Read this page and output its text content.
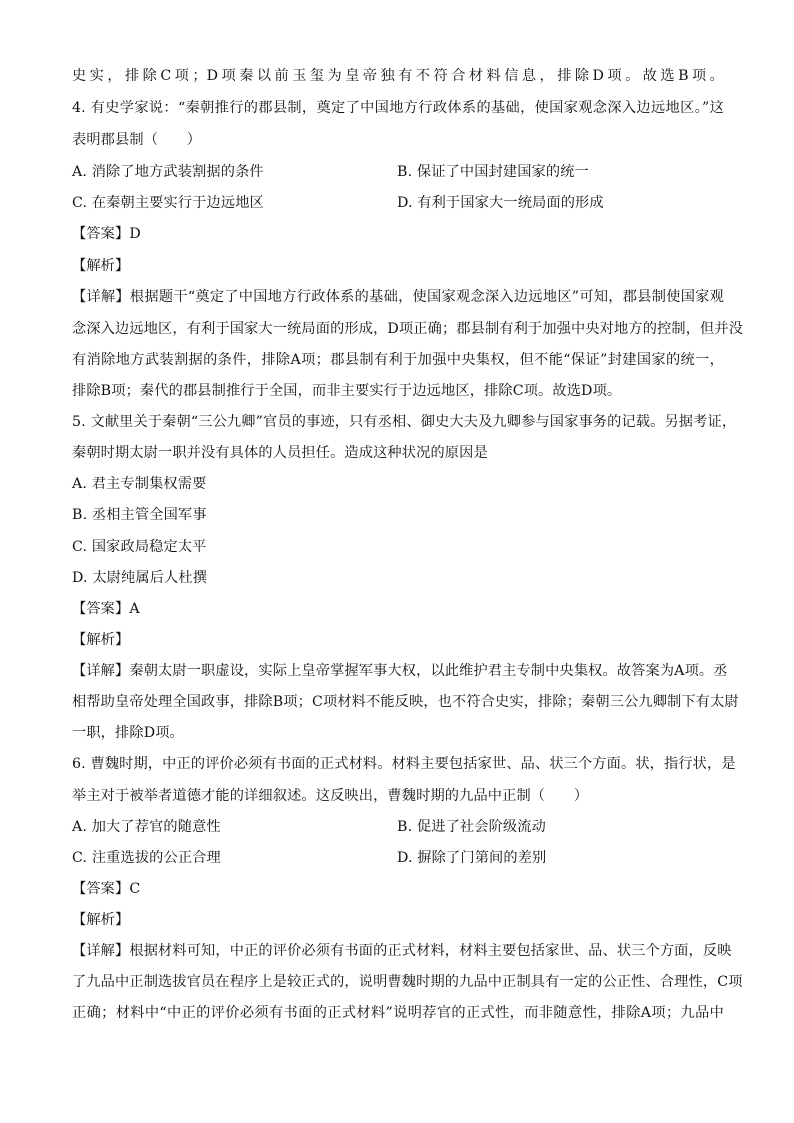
史实，排除C项；D项秦以前玉玺为皇帝独有不符合材料信息，排除D项。故选B项。
4. 有史学家说：“秦朝推行的郡县制，奠定了中国地方行政体系的基础，使国家观念深入边远地区。”这
表明郡县制（　　）
A. 消除了地方武装割据的条件	B. 保证了中国封建国家的统一
C. 在秦朝主要实行于边远地区	D. 有利于国家大一统局面的形成
【答案】D
【解析】
【详解】根据题干“奠定了中国地方行政体系的基础，使国家观念深入边远地区”可知，郡县制使国家观
念深入边远地区，有利于国家大一统局面的形成，D项正确；郡县制有利于加强中央对地方的控制，但并没
有消除地方武装割据的条件，排除A项；郡县制有利于加强中央集权，但不能“保证”封建国家的统一，
排除B项；秦代的郡县制推行于全国，而非主要实行于边远地区，排除C项。故选D项。
5. 文献里关于秦朝“三公九卿”官员的事迹，只有丞相、御史大夫及九卿参与国家事务的记载。另据考证，
秦朝时期太尉一职并没有具体的人员担任。造成这种状况的原因是
A. 君主专制集权需要
B. 丞相主管全国军事
C. 国家政局稳定太平
D. 太尉纯属后人杜撰
【答案】A
【解析】
【详解】秦朝太尉一职虚设，实际上皇帝掌握军事大权，以此维护君主专制中央集权。故答案为A项。丞
相帮助皇帝处理全国政事，排除B项；C项材料不能反映，也不符合史实，排除；秦朝三公九卿制下有太尉
一职，排除D项。
6. 曹魏时期，中正的评价必须有书面的正式材料。材料主要包括家世、品、状三个方面。状，指行状，是
举主对于被举者道德才能的详细叙述。这反映出，曹魏时期的九品中正制（　　）
A. 加大了荐官的随意性	B. 促进了社会阶级流动
C. 注重选拔的公正合理	D. 摒除了门第间的差别
【答案】C
【解析】
【详解】根据材料可知，中正的评价必须有书面的正式材料，材料主要包括家世、品、状三个方面，反映
了九品中正制选拔官员在程序上是较正式的，说明曹魏时期的九品中正制具有一定的公正性、合理性，C项
正确；材料中“中正的评价必须有书面的正式材料”说明荐官的正式性，而非随意性，排除A项；九品中
